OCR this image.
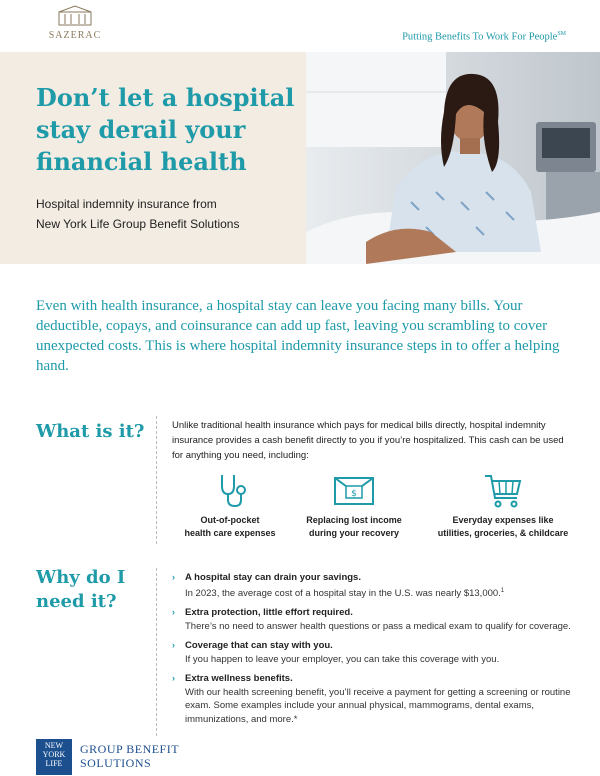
SAZERAC	Putting Benefits To Work For People℠
Don’t let a hospital stay derail your financial health
Hospital indemnity insurance from
New York Life Group Benefit Solutions

Even with health insurance, a hospital stay can leave you facing many bills. Your deductible, copays, and coinsurance can add up fast, leaving you scrambling to cover unexpected costs. This is where hospital indemnity insurance steps in to offer a helping hand.

What is it?	Unlike traditional health insurance which pays for medical bills directly, hospital indemnity insurance provides a cash benefit directly to you if you’re hospitalized. This cash can be used for anything you need, including:

Out-of-pocket
health care expenses
$
Replacing lost income
during your recovery
Everyday expenses like
utilities, groceries, & childcare
Why do I
need it?
› A hospital stay can drain your savings.
In 2023, the average cost of a hospital stay in the U.S. was nearly $13,000.$^1$
› Extra protection, little effort required.
There’s no need to answer health questions or pass a medical exam to qualify for coverage.
› Coverage that can stay with you.
If you happen to leave your employer, you can take this coverage with you.
› Extra wellness benefits.
With our health screening benefit, you’ll receive a payment for getting a screening or routine exam. Some examples include your annual physical, mammograms, dental exams, immunizations, and more.*
NEW
YORK
LIFE
GROUP BENEFIT
SOLUTIONS
